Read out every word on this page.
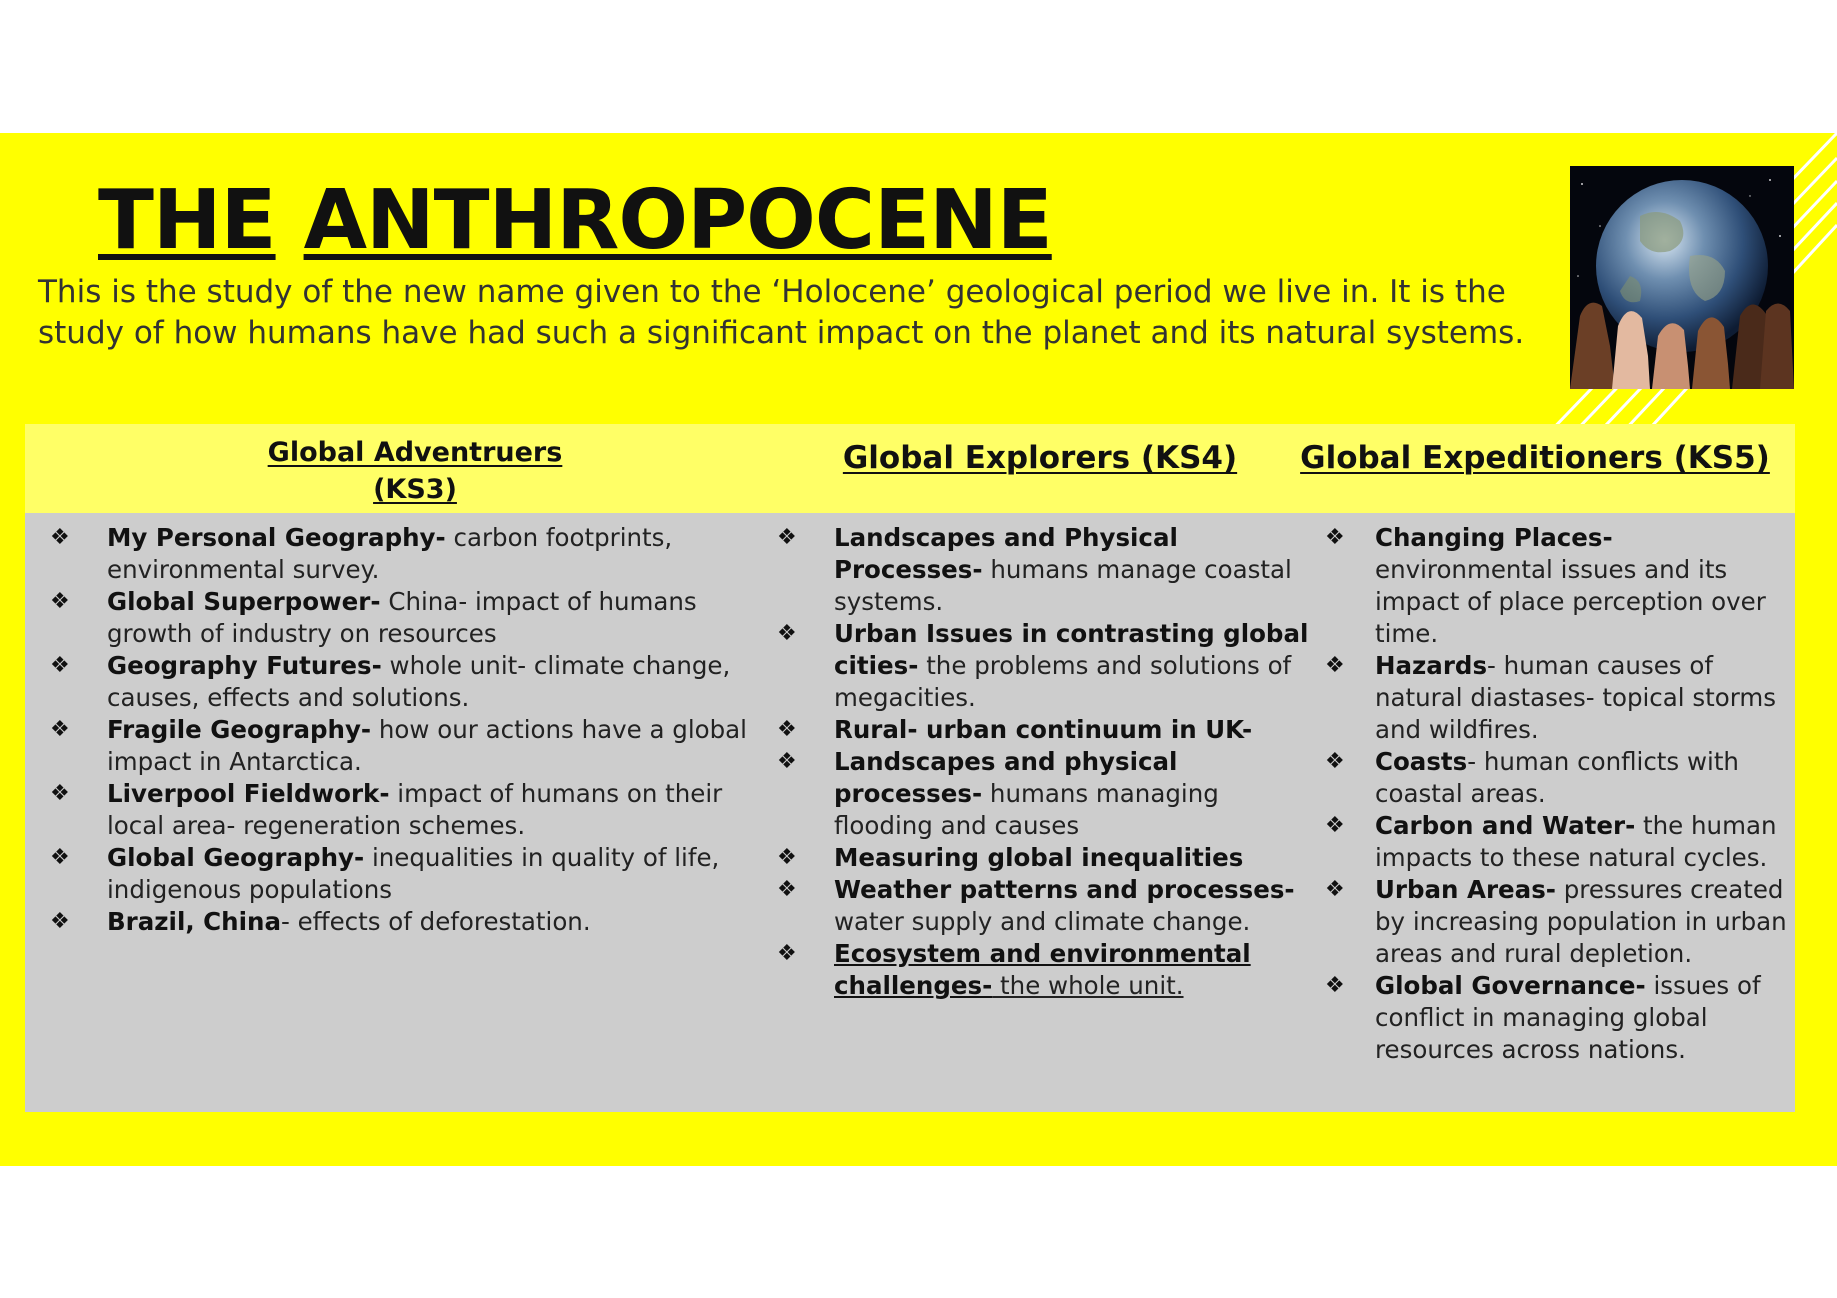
THE ANTHROPOCENE

This is the study of the new name given to the ‘Holocene’ geological period we live in. It is the study of how humans have had such a significant impact on the planet and its natural systems.

Global Adventruers
(KS3)
Global Explorers (KS4)	Global Expeditioners (KS5)
❖ My Personal Geography- carbon footprints, environmental survey.
❖ Global Superpower- China- impact of humans growth of industry on resources
❖ Geography Futures- whole unit- climate change, causes, effects and solutions.
❖ Fragile Geography- how our actions have a global impact in Antarctica.
❖ Liverpool Fieldwork- impact of humans on their local area- regeneration schemes.
❖ Global Geography- inequalities in quality of life, indigenous populations
❖ Brazil, China- effects of deforestation.
❖ Landscapes and Physical Processes- humans manage coastal systems.
❖ Urban Issues in contrasting global cities- the problems and solutions of megacities.
❖ Rural- urban continuum in UK-
❖ Landscapes and physical processes- humans managing flooding and causes
❖ Measuring global inequalities
❖ Weather patterns and processes- water supply and climate change.
❖ Ecosystem and environmental challenges- the whole unit.
❖ Changing Places- environmental issues and its impact of place perception over time.
❖ Hazards- human causes of natural diastases- topical storms and wildfires.
❖ Coasts- human conflicts with coastal areas.
❖ Carbon and Water- the human impacts to these natural cycles.
❖ Urban Areas- pressures created by increasing population in urban areas and rural depletion.
❖ Global Governance- issues of conflict in managing global resources across nations.
